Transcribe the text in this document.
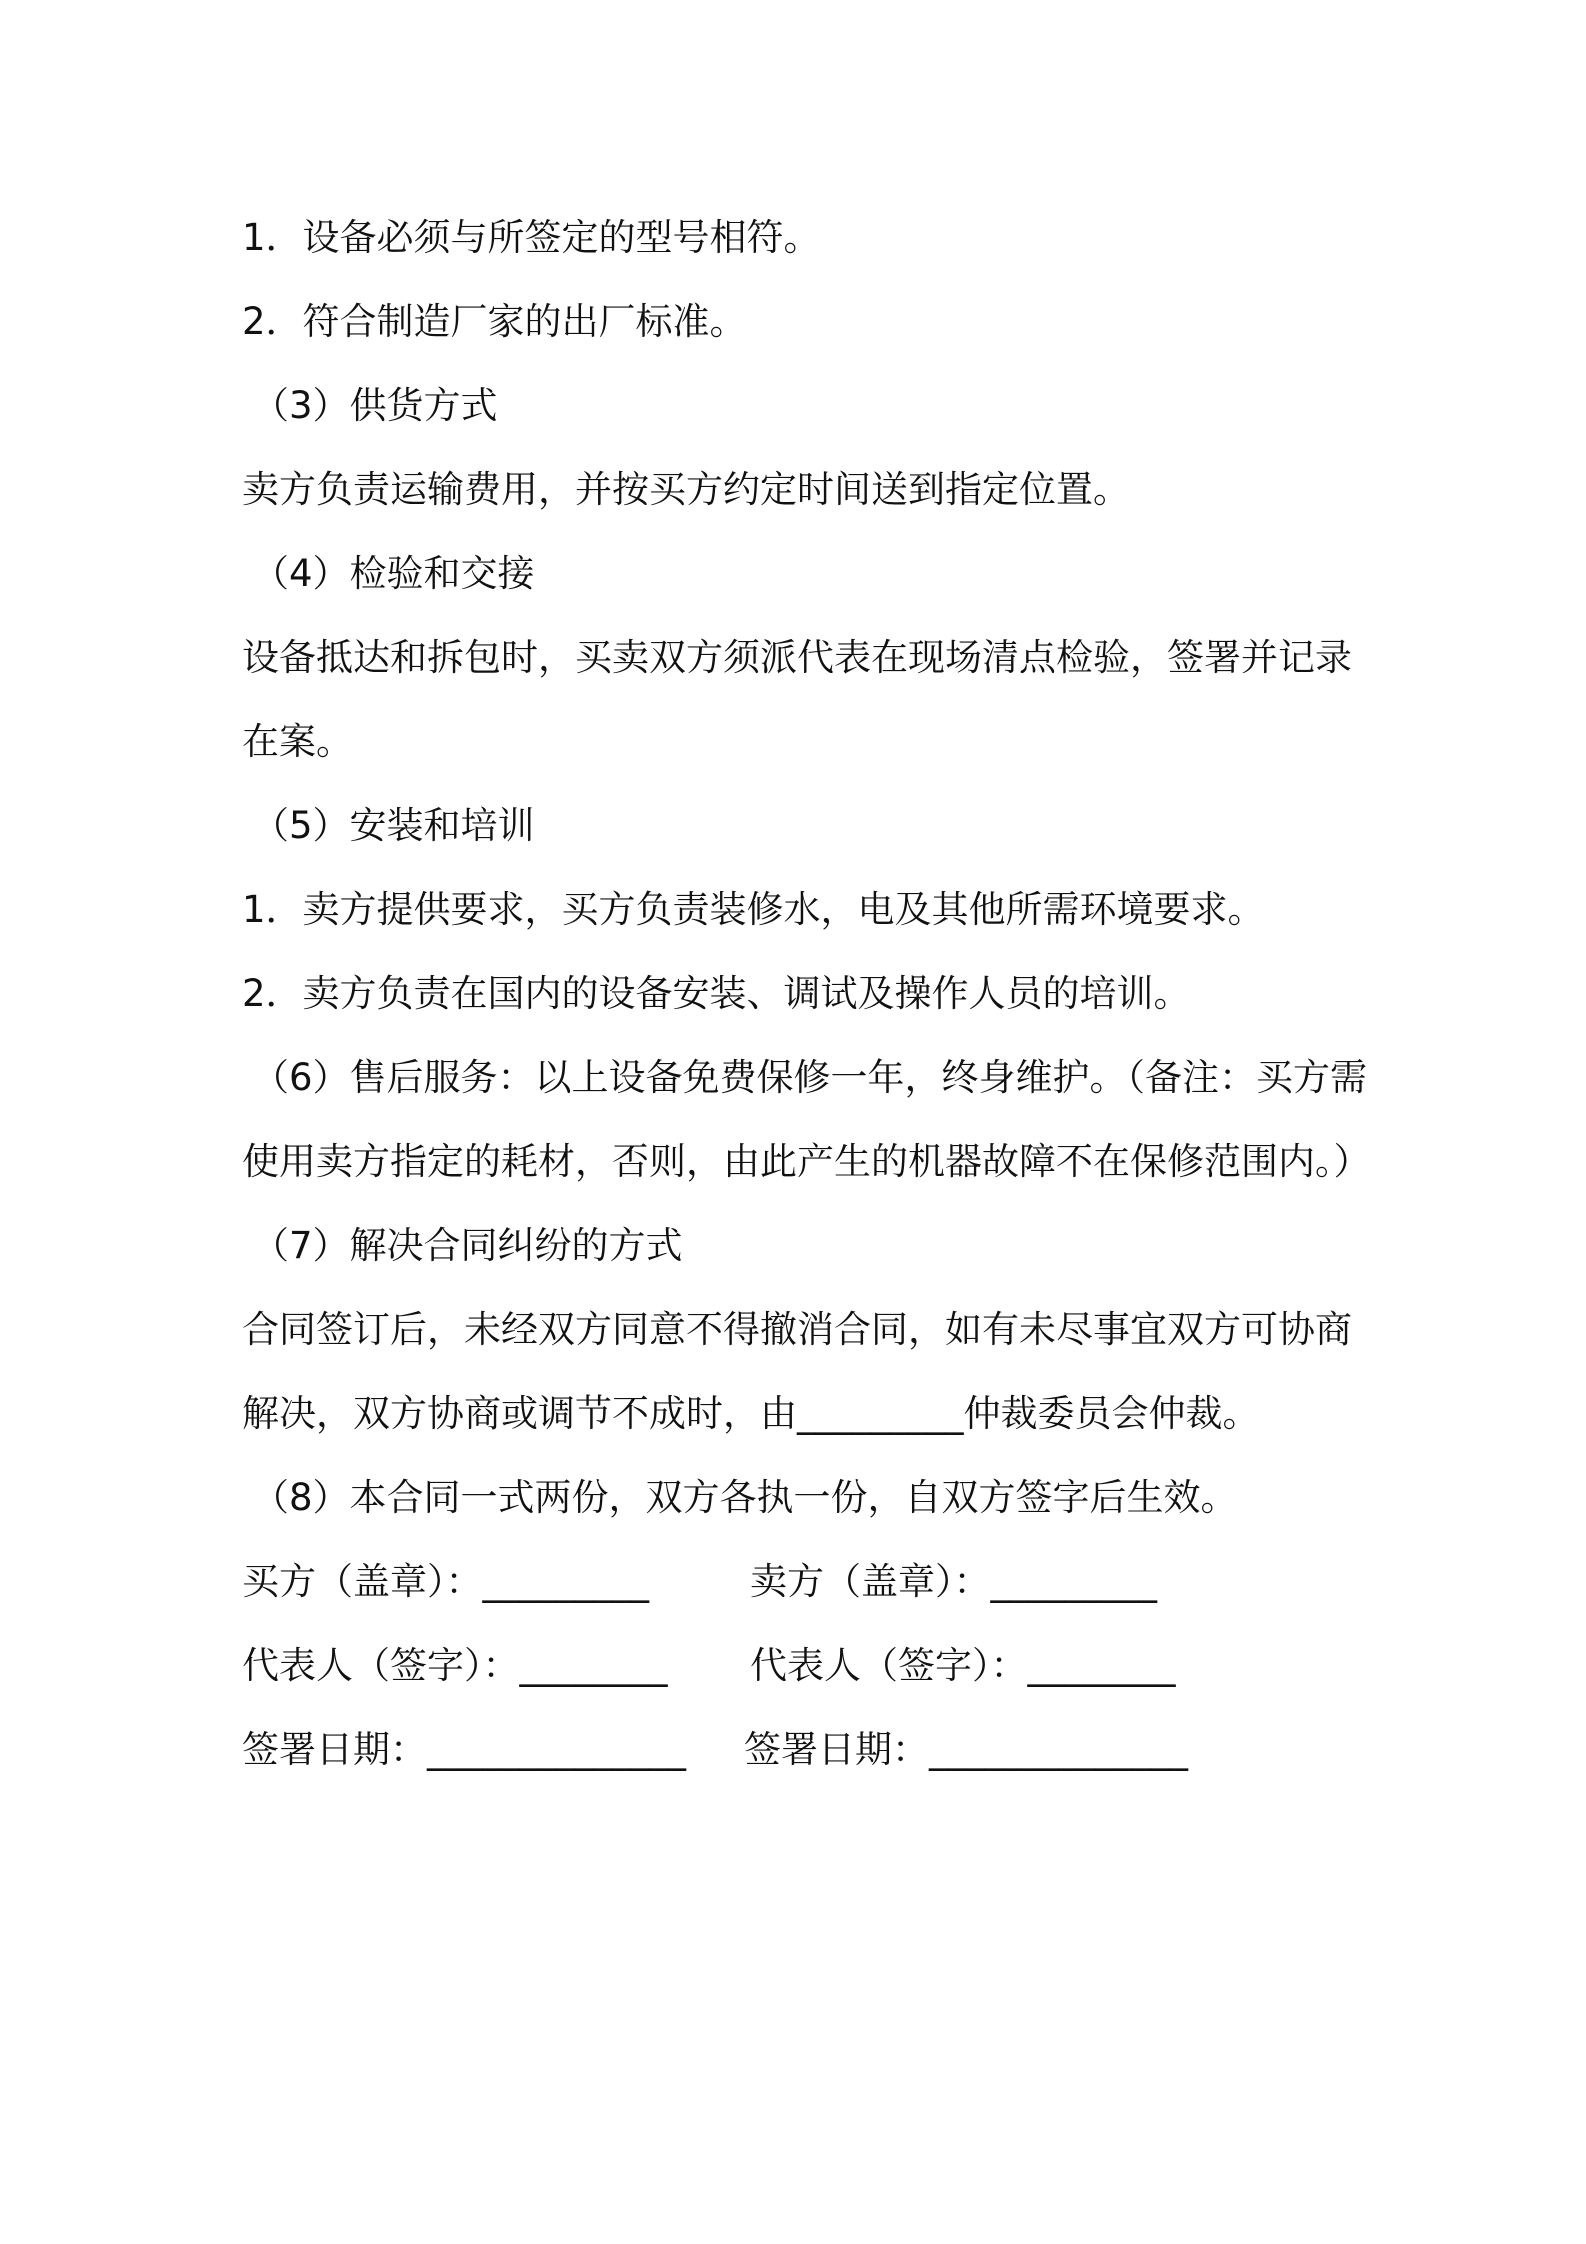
1．设备必须与所签定的型号相符。
2．符合制造厂家的出厂标准。
（3）供货方式
卖方负责运输费用，并按买方约定时间送到指定位置。
（4）检验和交接
设备抵达和拆包时，买卖双方须派代表在现场清点检验，签署并记录
在案。
（5）安装和培训
1．卖方提供要求，买方负责装修水，电及其他所需环境要求。
2．卖方负责在国内的设备安装、调试及操作人员的培训。
（6）售后服务：以上设备免费保修一年，终身维护。（备注：买方需
使用卖方指定的耗材，否则，由此产生的机器故障不在保修范围内。）
（7）解决合同纠纷的方式
合同签订后，未经双方同意不得撤消合同，如有未尽事宜双方可协商
解决，双方协商或调节不成时，由_________仲裁委员会仲裁。
（8）本合同一式两份，双方各执一份，自双方签字后生效。
买方（盖章）：_________	卖方（盖章）：_________
代表人（签字）：________ 代表人（签字）：________
签署日期：______________ 签署日期：______________
